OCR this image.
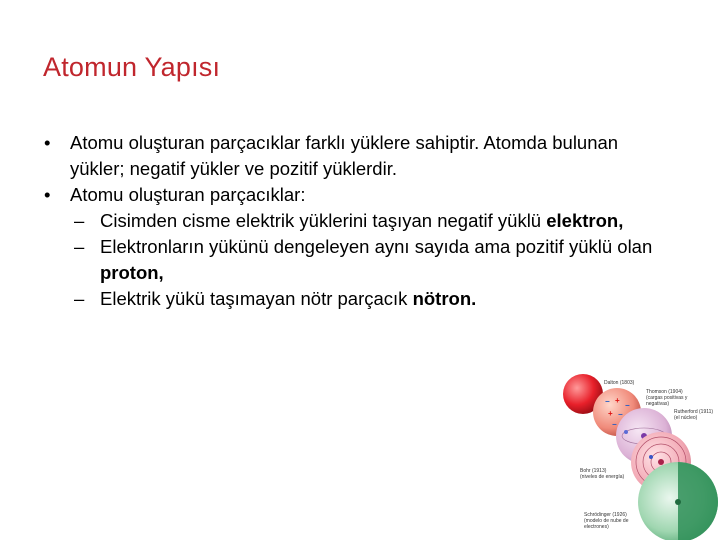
Atomun Yapısı

• Atomu oluşturan parçacıklar farklı yüklere sahiptir. Atomda bulunan yükler; negatif yükler ve pozitif yüklerdir.

• Atomu oluşturan parçacıklar:

– Cisimden cisme elektrik yüklerini taşıyan negatif yüklü elektron,

– Elektronların yükünü dengeleyen aynı sayıda ama pozitif yüklü olan proton,

– Elektrik yükü taşımayan nötr parçacık nötron.

− +
−
+ −
−
Dalton (1803)
Thomson (1904)
(cargas positivas y
negativas)
Rutherford (1911)
(el núcleo)
Bohr (1913)
(niveles de energía)
Schrödinger (1926)
(modelo de nube de
electrones)
